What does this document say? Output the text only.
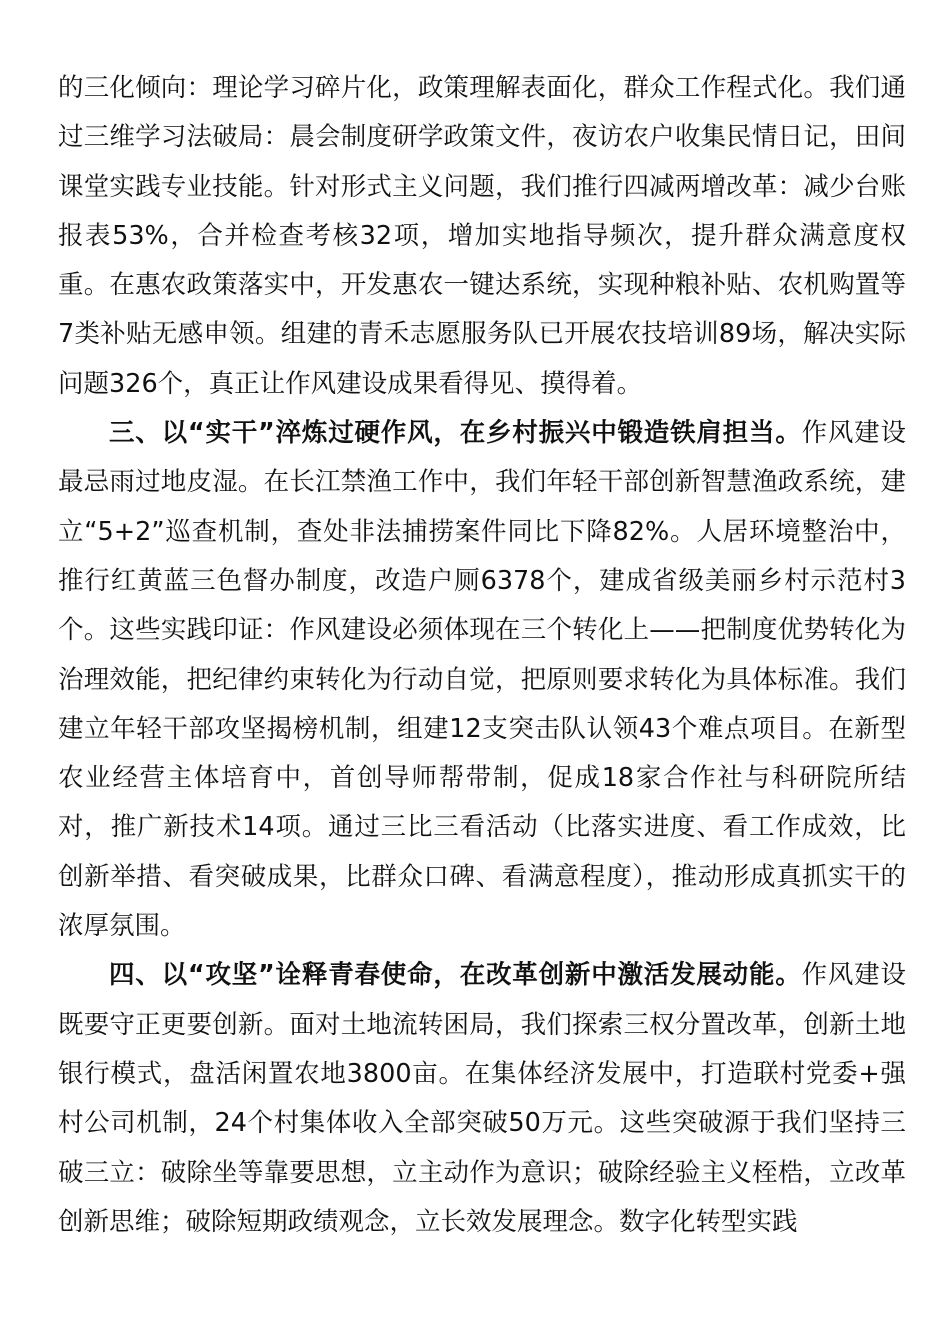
的三化倾向：理论学习碎片化，政策理解表面化，群众工作程式化。我们通过三维学习法破局：晨会制度研学政策文件，夜访农户收集民情日记，田间课堂实践专业技能。针对形式主义问题，我们推行四减两增改革：减少台账报表53%，合并检查考核32项，增加实地指导频次，提升群众满意度权重。在惠农政策落实中，开发惠农一键达系统，实现种粮补贴、农机购置等7类补贴无感申领。组建的青禾志愿服务队已开展农技培训89场，解决实际问题326个，真正让作风建设成果看得见、摸得着。

三、以“实干”淬炼过硬作风，在乡村振兴中锻造铁肩担当。作风建设最忌雨过地皮湿。在长江禁渔工作中，我们年轻干部创新智慧渔政系统，建立“5+2”巡查机制，查处非法捕捞案件同比下降82%。人居环境整治中，推行红黄蓝三色督办制度，改造户厕6378个，建成省级美丽乡村示范村3个。这些实践印证：作风建设必须体现在三个转化上——把制度优势转化为治理效能，把纪律约束转化为行动自觉，把原则要求转化为具体标准。我们建立年轻干部攻坚揭榜机制，组建12支突击队认领43个难点项目。在新型农业经营主体培育中，首创导师帮带制，促成18家合作社与科研院所结对，推广新技术14项。通过三比三看活动（比落实进度、看工作成效，比创新举措、看突破成果，比群众口碑、看满意程度），推动形成真抓实干的浓厚氛围。

四、以“攻坚”诠释青春使命，在改革创新中激活发展动能。作风建设既要守正更要创新。面对土地流转困局，我们探索三权分置改革，创新土地银行模式，盘活闲置农地3800亩。在集体经济发展中，打造联村党委+强村公司机制，24个村集体收入全部突破50万元。这些突破源于我们坚持三破三立：破除坐等靠要思想，立主动作为意识；破除经验主义桎梏，立改革创新思维；破除短期政绩观念，立长效发展理念。数字化转型实践
